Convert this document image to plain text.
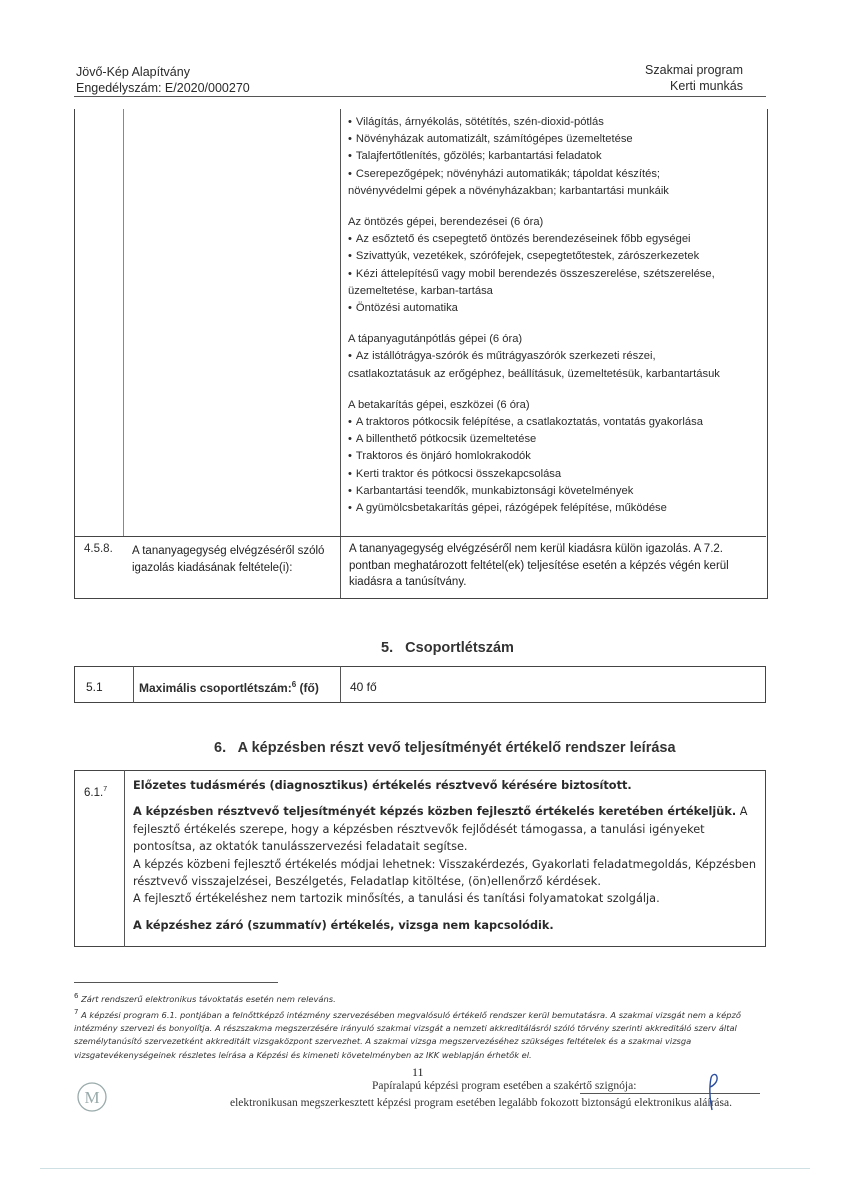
Jövő-Kép Alapítvány
Engedélyszám: E/2020/000270
Szakmai program
Kerti munkás

• Világítás, árnyékolás, sötétítés, szén-dioxid-pótlás

• Növényházak automatizált, számítógépes üzemeltetése

• Talajfertőtlenítés, gőzölés; karbantartási feladatok

• Cserepezőgépek; növényházi automatikák; tápoldat készítés;

növényvédelmi gépek a növényházakban; karbantartási munkáik

Az öntözés gépei, berendezései (6 óra)

• Az esőztető és csepegtető öntözés berendezéseinek főbb egységei

• Szivattyúk, vezetékek, szórófejek, csepegtetőtestek, zárószerkezetek

• Kézi áttelepítésű vagy mobil berendezés összeszerelése, szétszerelése,

üzemeltetése, karban-tartása

• Öntözési automatika

A tápanyagutánpótlás gépei (6 óra)

• Az istállótrágya-szórók és műtrágyaszórók szerkezeti részei,

csatlakoztatásuk az erőgéphez, beállításuk, üzemeltetésük, karbantartásuk

A betakarítás gépei, eszközei (6 óra)

• A traktoros pótkocsik felépítése, a csatlakoztatás, vontatás gyakorlása

• A billenthető pótkocsik üzemeltetése

• Traktoros és önjáró homlokrakodók

• Kerti traktor és pótkocsi összekapcsolása

• Karbantartási teendők, munkabiztonsági követelmények

• A gyümölcsbetakarítás gépei, rázógépek felépítése, működése

4.5.8. A tananyagegység elvégzéséről szóló igazolás kiadásának feltétele(i):
A tananyagegység elvégzéséről nem kerül kiadásra külön igazolás. A 7.2. pontban meghatározott feltétel(ek) teljesítése esetén a képzés végén kerül kiadásra a tanúsítvány.
5.   Csoportlétszám
5.1	Maximális csoportlétszám:$^6$ (fő)	40 fő
6.   A képzésben részt vevő teljesítményét értékelő rendszer leírása
6.1.$^7$ Előzetes tudásmérés (diagnosztikus) értékelés résztvevő kérésére biztosított.

A képzésben résztvevő teljesítményét képzés közben fejlesztő értékelés keretében értékeljük. A fejlesztő értékelés szerepe, hogy a képzésben résztvevők fejlődését támogassa, a tanulási igényeket pontosítsa, az oktatók tanulásszervezési feladatait segítse.

A képzés közbeni fejlesztő értékelés módjai lehetnek: Visszakérdezés, Gyakorlati feladatmegoldás, Képzésben résztvevő visszajelzései, Beszélgetés, Feladatlap kitöltése, (ön)ellenőrző kérdések.

A fejlesztő értékeléshez nem tartozik minősítés, a tanulási és tanítási folyamatokat szolgálja.

A képzéshez záró (szummatív) értékelés, vizsga nem kapcsolódik.

$^6$ Zárt rendszerű elektronikus távoktatás esetén nem releváns.

$^7$ A képzési program 6.1. pontjában a felnőttképző intézmény szervezésében megvalósuló értékelő rendszer kerül bemutatásra. A szakmai vizsgát nem a képző intézmény szervezi és bonyolítja. A részszakma megszerzésére irányuló szakmai vizsgát a nemzeti akkreditálásról szóló törvény szerinti akkreditáló szerv által személytanúsító szervezetként akkreditált vizsgaközpont szervezhet. A szakmai vizsga megszervezéséhez szükséges feltételek és a szakmai vizsga vizsgatevékenységeinek részletes leírása a Képzési és kimeneti követelményben az IKK weblapján érhetők el.

11
M
Papíralapú képzési program esetében a szakértő szignója:
elektronikusan megszerkesztett képzési program esetében legalább fokozott biztonságú elektronikus aláírása.
